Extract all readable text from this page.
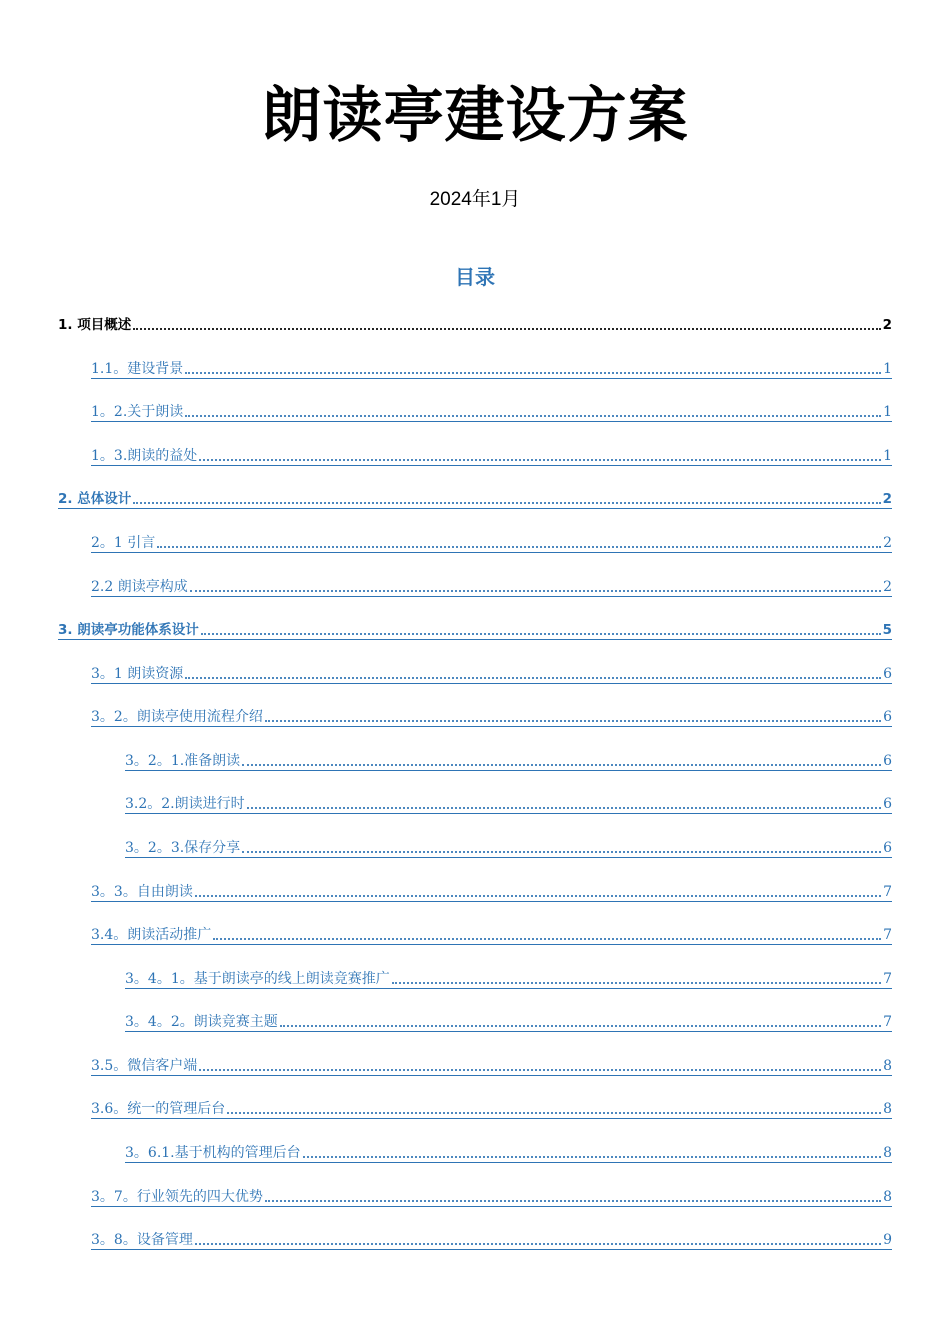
朗读亭建设方案
2024年1月
目录
1. 项目概述	2
1.1。建设背景	1
1。2.关于朗读	1
1。3.朗读的益处	1
2. 总体设计	2
2。1 引言	2
2.2 朗读亭构成	2
3. 朗读亭功能体系设计	5
3。1 朗读资源	6
3。2。朗读亭使用流程介绍	6
3。2。1.准备朗读	6
3.2。2.朗读进行时	6
3。2。3.保存分享	6
3。3。自由朗读	7
3.4。朗读活动推广	7
3。4。1。基于朗读亭的线上朗读竞赛推广	7
3。4。2。朗读竞赛主题	7
3.5。微信客户端	8
3.6。统一的管理后台	8
3。6.1.基于机构的管理后台	8
3。7。行业领先的四大优势	8
3。8。设备管理	9
